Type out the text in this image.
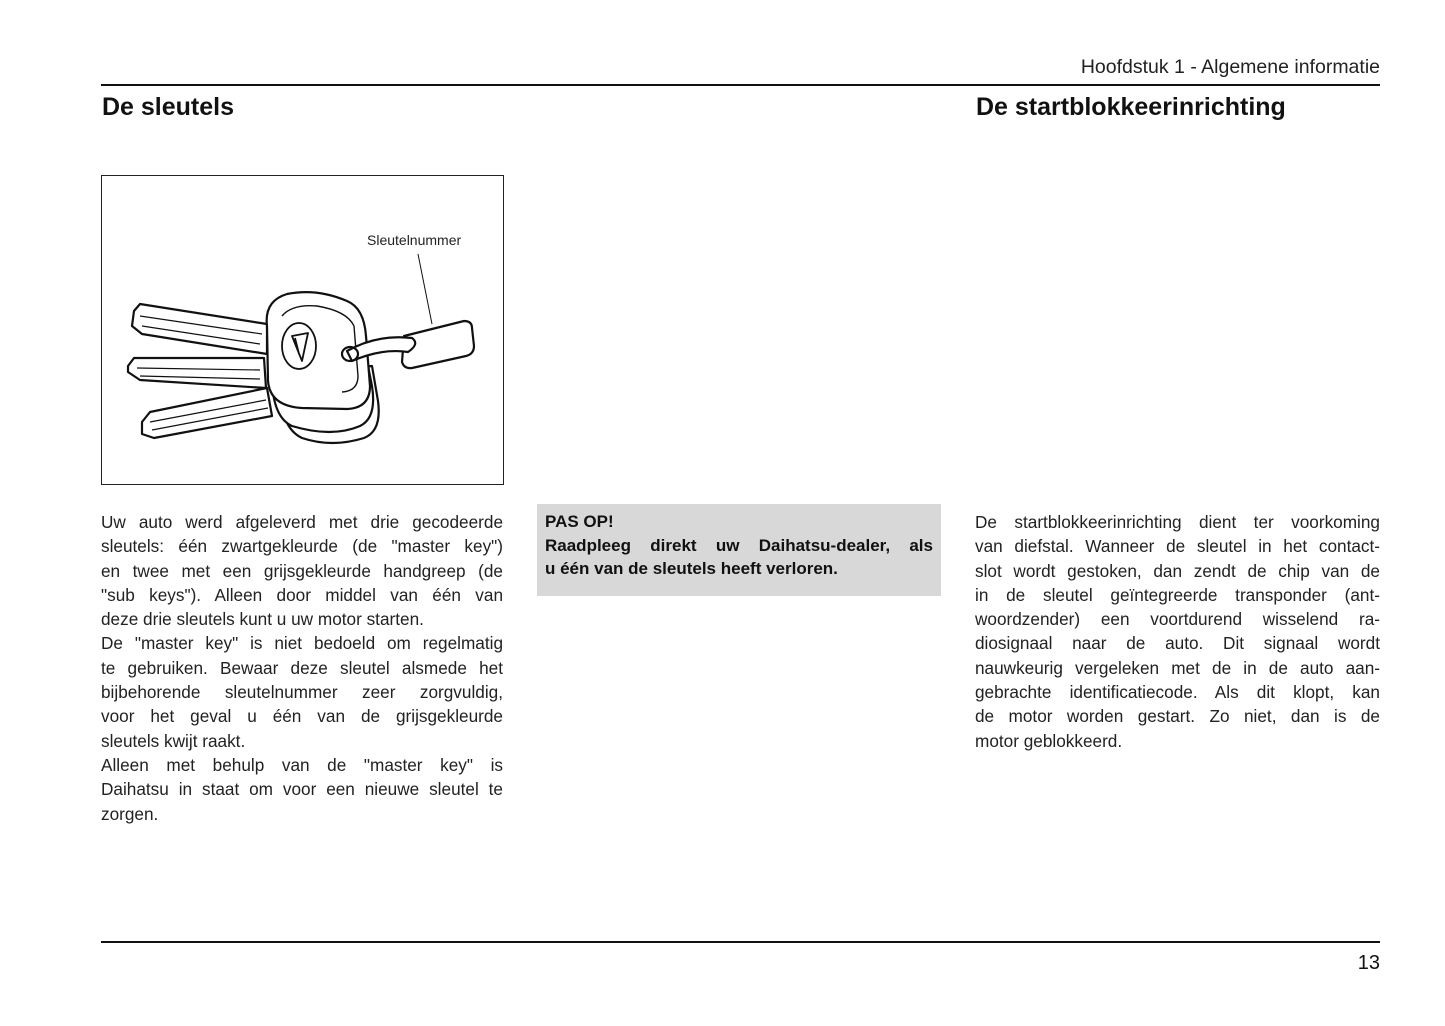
Hoofdstuk 1 - Algemene informatie
De sleutels	De startblokkeerinrichting
Sleutelnummer
Uw auto werd afgeleverd met drie gecodeerde
sleutels: één zwartgekleurde (de "master key")
en twee met een grijsgekleurde handgreep (de
"sub keys"). Alleen door middel van één van
deze drie sleutels kunt u uw motor starten.
De "master key" is niet bedoeld om regelmatig
te gebruiken. Bewaar deze sleutel alsmede het
bijbehorende sleutelnummer zeer zorgvuldig,
voor het geval u één van de grijsgekleurde
sleutels kwijt raakt.
Alleen met behulp van de "master key" is
Daihatsu in staat om voor een nieuwe sleutel te
zorgen.
PAS OP!
Raadpleeg direkt uw Daihatsu-dealer, als
u één van de sleutels heeft verloren.
De startblokkeerinrichting dient ter voorkoming
van diefstal. Wanneer de sleutel in het contact-
slot wordt gestoken, dan zendt de chip van de
in de sleutel geïntegreerde transponder (ant-
woordzender) een voortdurend wisselend ra-
diosignaal naar de auto. Dit signaal wordt
nauwkeurig vergeleken met de in de auto aan-
gebrachte identificatiecode. Als dit klopt, kan
de motor worden gestart. Zo niet, dan is de
motor geblokkeerd.
13
